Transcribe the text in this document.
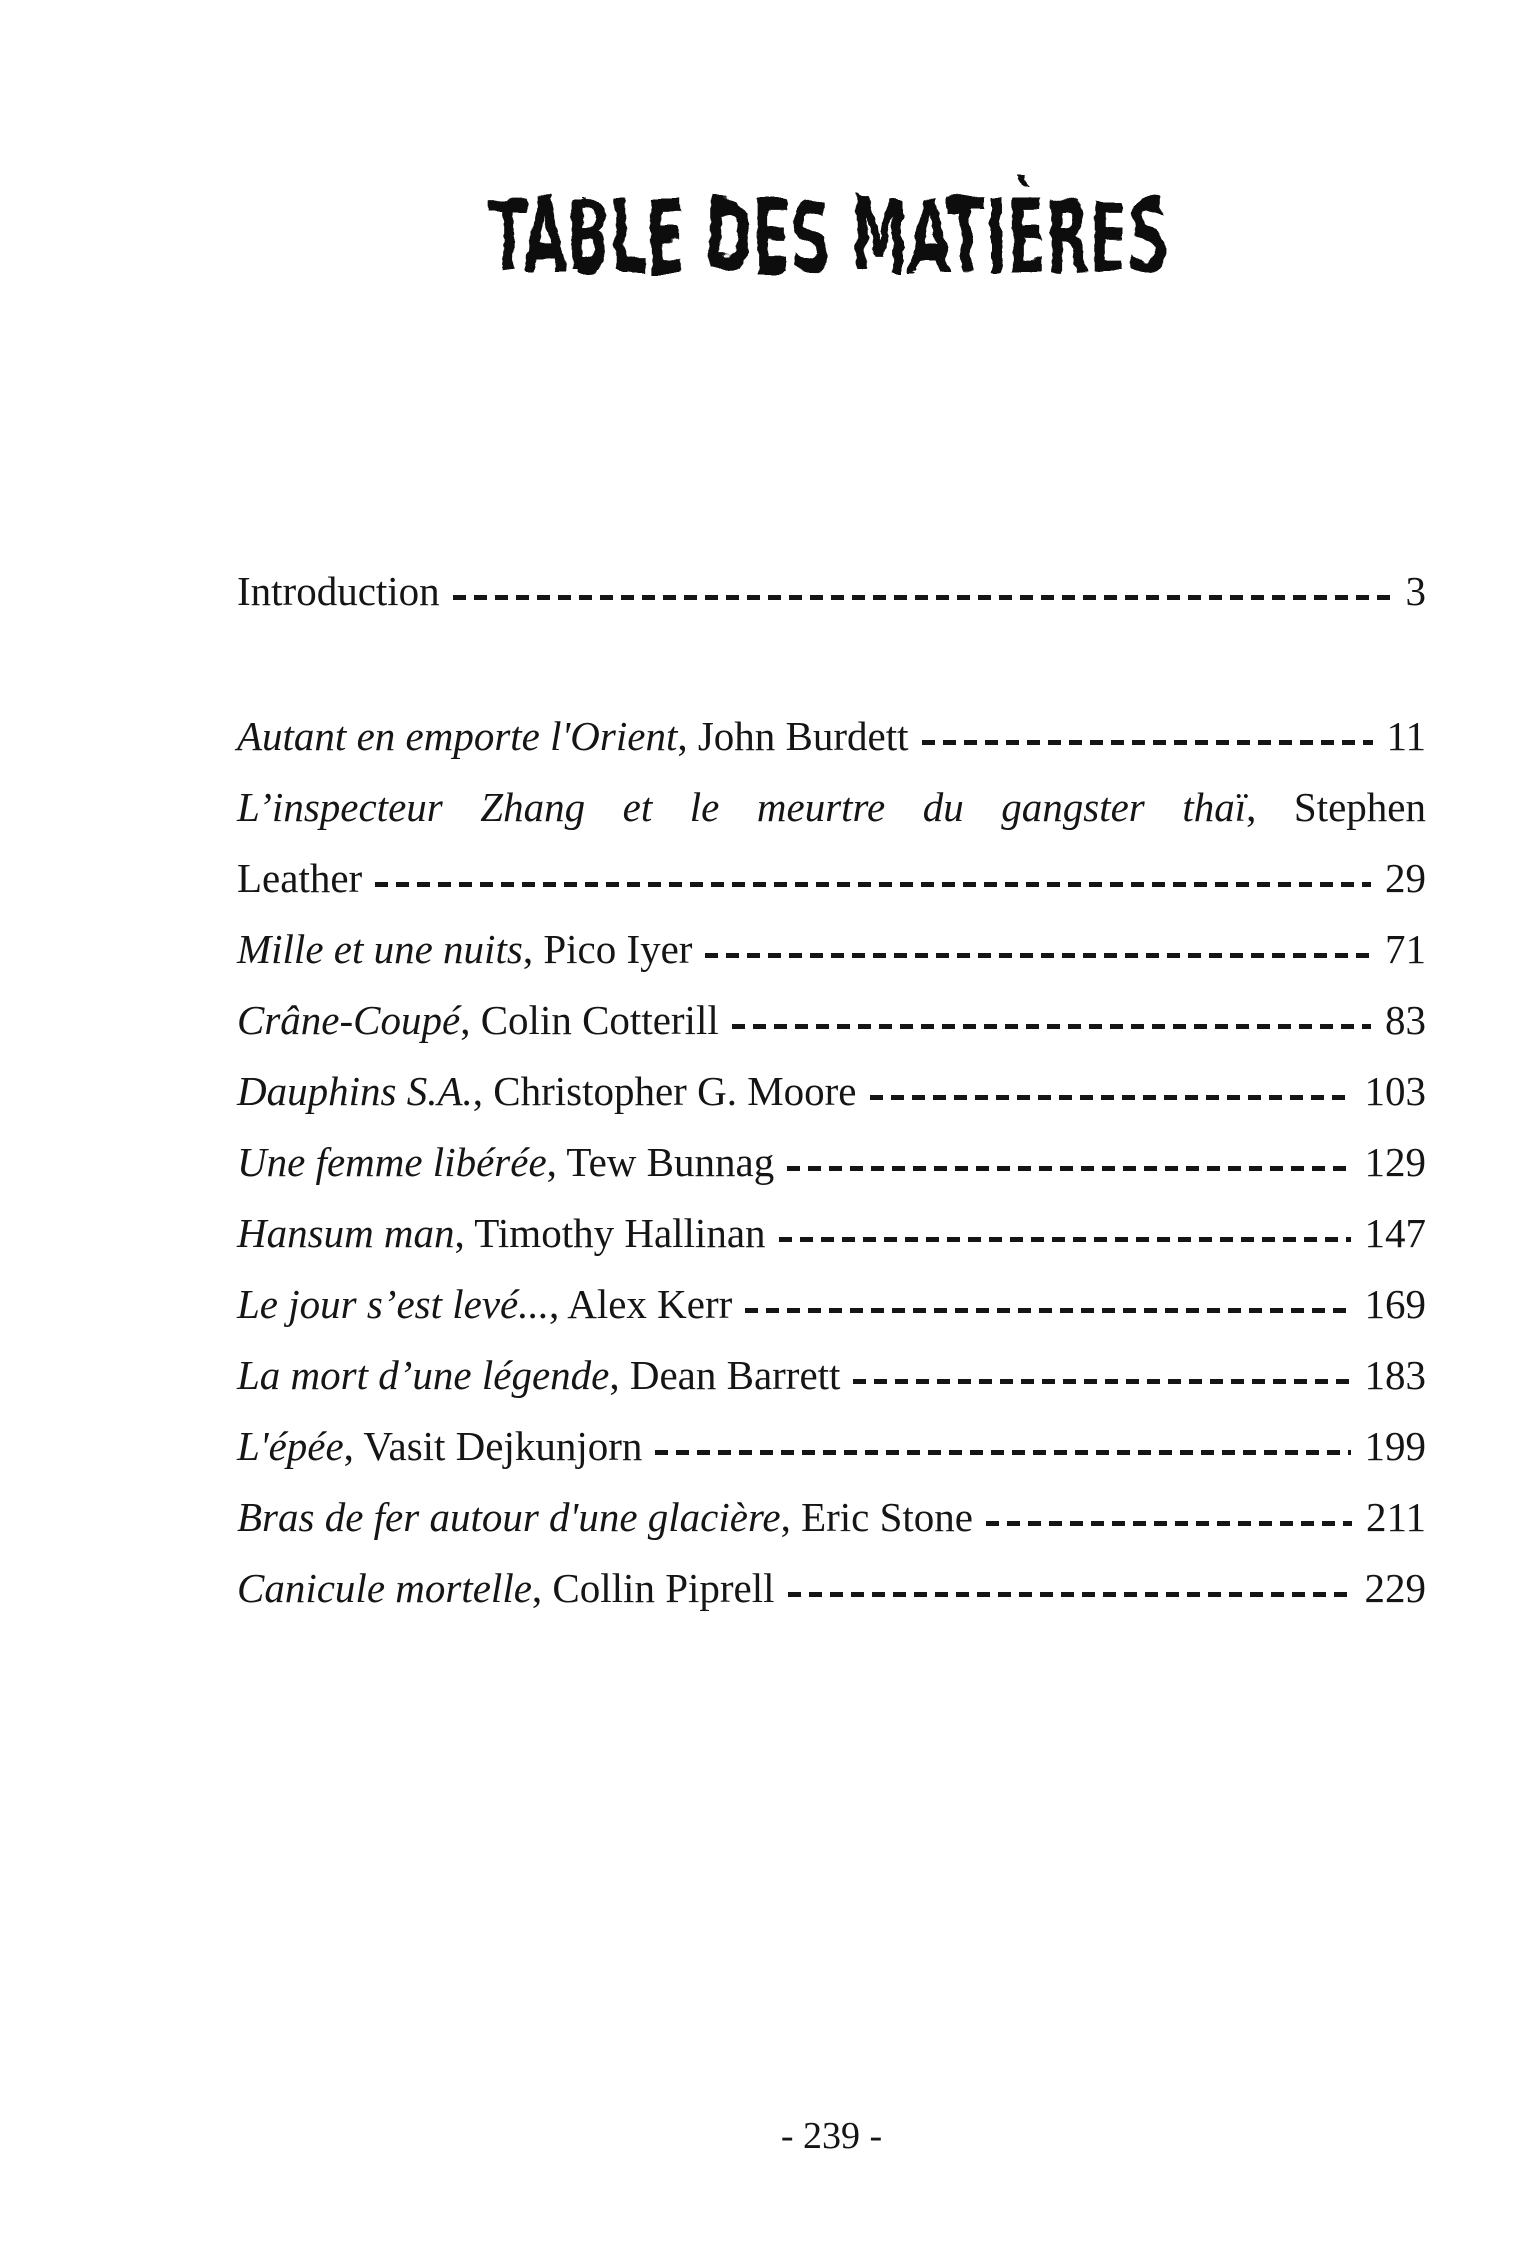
TABLE DES MATIÈRES
Introduction	3
Autant en emporte l'Orient, John Burdett	11
L’inspecteur Zhang et le meurtre du gangster thaï, Stephen
Leather	29
Mille et une nuits, Pico Iyer	71
Crâne-Coupé, Colin Cotterill	83
Dauphins S.A., Christopher G. Moore	103
Une femme libérée, Tew Bunnag	129
Hansum man, Timothy Hallinan	147
Le jour s’est levé..., Alex Kerr	169
La mort d’une légende, Dean Barrett	183
L'épée, Vasit Dejkunjorn	199
Bras de fer autour d'une glacière, Eric Stone	211
Canicule mortelle, Collin Piprell	229
- 239 -
